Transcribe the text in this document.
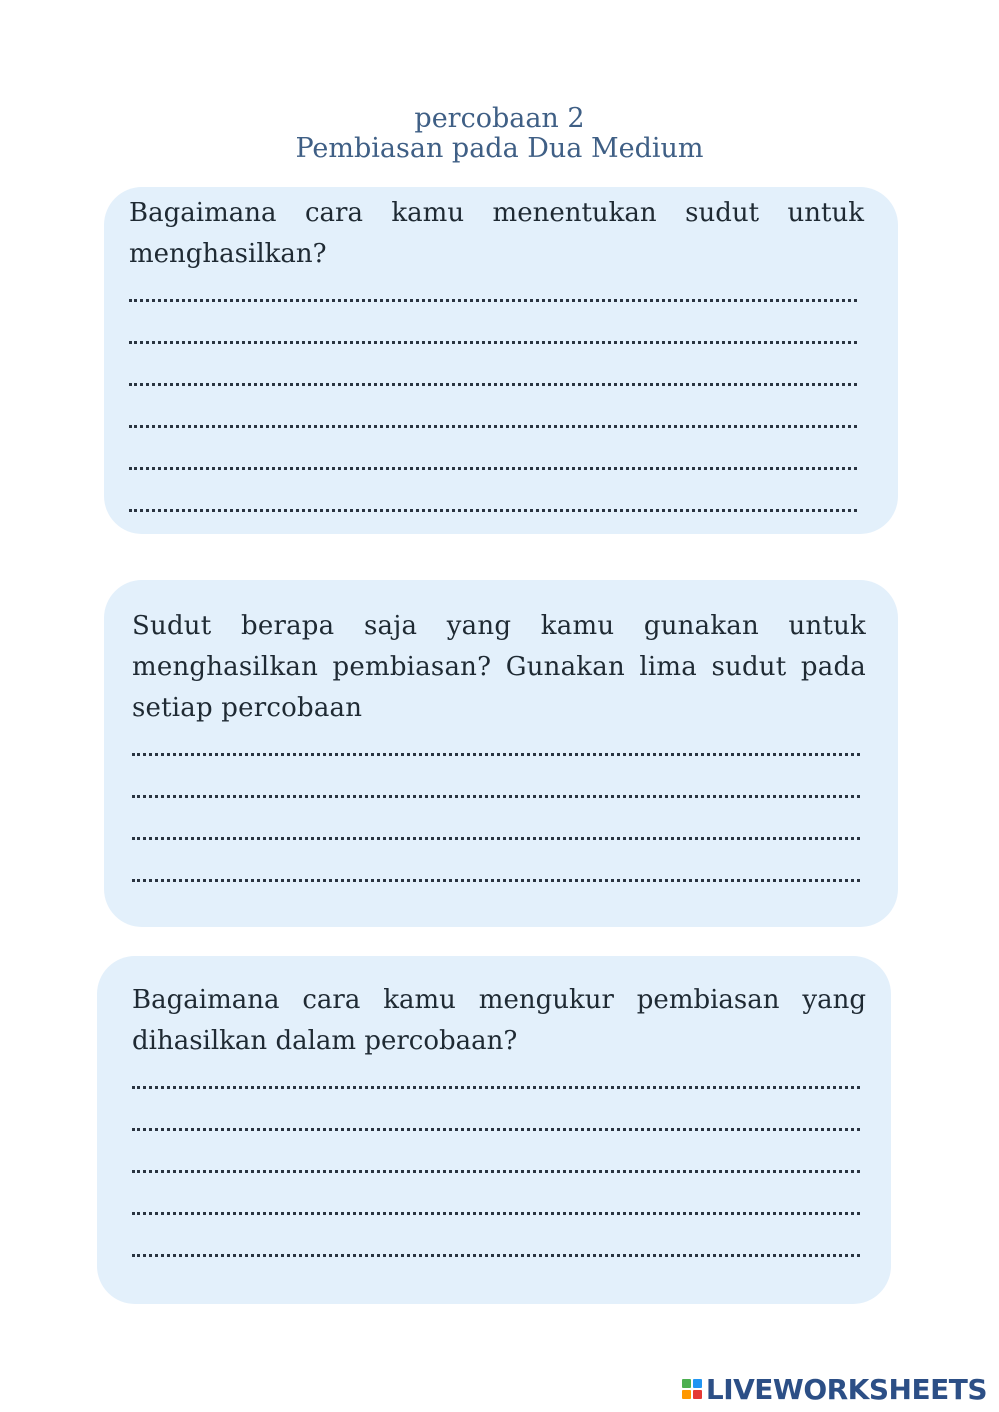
percobaan 2
Pembiasan pada Dua Medium

Bagaimana cara kamu menentukan sudut untuk menghasilkan?

Sudut berapa saja yang kamu gunakan untuk menghasilkan pembiasan? Gunakan lima sudut pada setiap percobaan

Bagaimana cara kamu mengukur pembiasan yang dihasilkan dalam percobaan?

LIVEWORKSHEETS
